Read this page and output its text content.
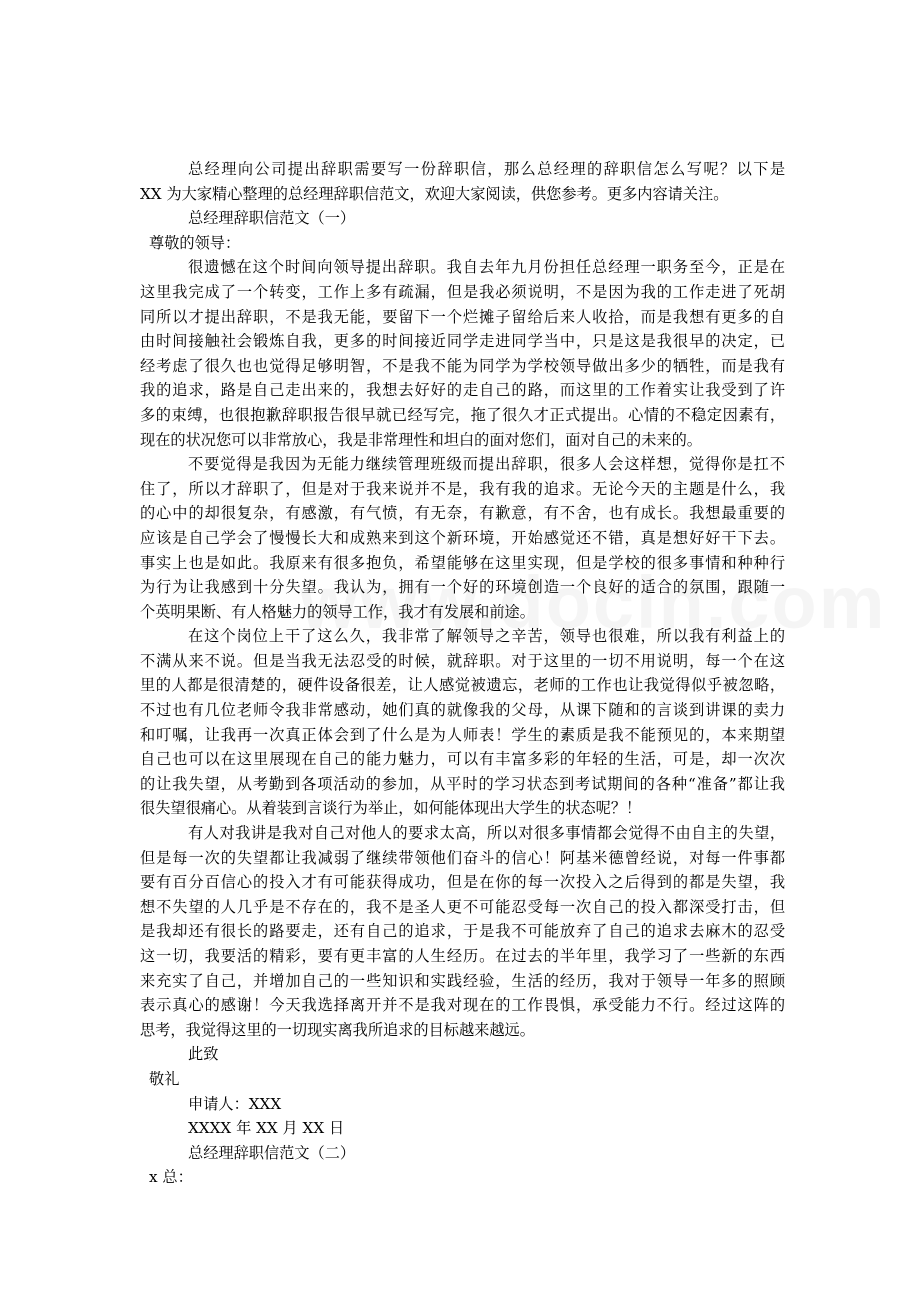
总经理向公司提出辞职需要写一份辞职信，那么总经理的辞职信怎么写呢？以下是
XX 为大家精心整理的总经理辞职信范文，欢迎大家阅读，供您参考。更多内容请关注。
总经理辞职信范文（一）
尊敬的领导：
很遗憾在这个时间向领导提出辞职。我自去年九月份担任总经理一职务至今，正是在
这里我完成了一个转变，工作上多有疏漏，但是我必须说明，不是因为我的工作走进了死胡
同所以才提出辞职，不是我无能，要留下一个烂摊子留给后来人收拾，而是我想有更多的自
由时间接触社会锻炼自我，更多的时间接近同学走进同学当中，只是这是我很早的决定，已
经考虑了很久也也觉得足够明智，不是我不能为同学为学校领导做出多少的牺牲，而是我有
我的追求，路是自己走出来的，我想去好好的走自己的路，而这里的工作着实让我受到了许
多的束缚，也很抱歉辞职报告很早就已经写完，拖了很久才正式提出。心情的不稳定因素有，
现在的状况您可以非常放心，我是非常理性和坦白的面对您们，面对自己的未来的。
不要觉得是我因为无能力继续管理班级而提出辞职，很多人会这样想，觉得你是扛不
住了，所以才辞职了，但是对于我来说并不是，我有我的追求。无论今天的主题是什么，我
的心中的却很复杂，有感激，有气愤，有无奈，有歉意，有不舍，也有成长。我想最重要的
应该是自己学会了慢慢长大和成熟来到这个新环境，开始感觉还不错，真是想好好干下去。
事实上也是如此。我原来有很多抱负，希望能够在这里实现，但是学校的很多事情和种种行
为行为让我感到十分失望。我认为，拥有一个好的环境创造一个良好的适合的氛围，跟随一
个英明果断、有人格魅力的领导工作，我才有发展和前途。
在这个岗位上干了这么久，我非常了解领导之辛苦，领导也很难，所以我有利益上的
不满从来不说。但是当我无法忍受的时候，就辞职。对于这里的一切不用说明，每一个在这
里的人都是很清楚的，硬件设备很差，让人感觉被遗忘，老师的工作也让我觉得似乎被忽略，
不过也有几位老师令我非常感动，她们真的就像我的父母，从课下随和的言谈到讲课的卖力
和叮嘱，让我再一次真正体会到了什么是为人师表！学生的素质是我不能预见的，本来期望
自己也可以在这里展现在自己的能力魅力，可以有丰富多彩的年轻的生活，可是，却一次次
的让我失望，从考勤到各项活动的参加，从平时的学习状态到考试期间的各种“准备”都让我
很失望很痛心。从着装到言谈行为举止，如何能体现出大学生的状态呢？！
有人对我讲是我对自己对他人的要求太高，所以对很多事情都会觉得不由自主的失望，
但是每一次的失望都让我减弱了继续带领他们奋斗的信心！阿基米德曾经说，对每一件事都
要有百分百信心的投入才有可能获得成功，但是在你的每一次投入之后得到的都是失望，我
想不失望的人几乎是不存在的，我不是圣人更不可能忍受每一次自己的投入都深受打击，但
是我却还有很长的路要走，还有自己的追求，于是我不可能放弃了自己的追求去麻木的忍受
这一切，我要活的精彩，要有更丰富的人生经历。在过去的半年里，我学习了一些新的东西
来充实了自己，并增加自己的一些知识和实践经验，生活的经历，我对于领导一年多的照顾
表示真心的感谢！今天我选择离开并不是我对现在的工作畏惧，承受能力不行。经过这阵的
思考，我觉得这里的一切现实离我所追求的目标越来越远。
此致
敬礼
申请人：XXX
XXXX 年 XX 月 XX 日
总经理辞职信范文（二）
x 总：
